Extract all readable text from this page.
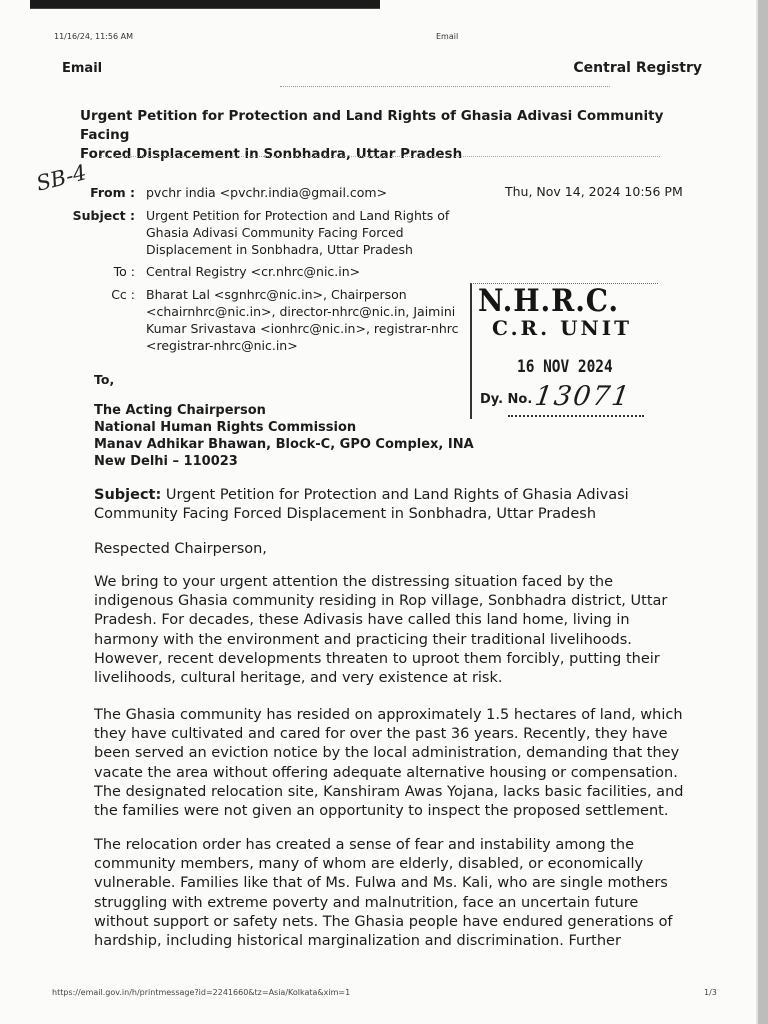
11/16/24, 11:56 AM	Email
Email	Central Registry
Urgent Petition for Protection and Land Rights of Ghasia Adivasi Community Facing
Forced Displacement in Sonbhadra, Uttar Pradesh
SB-4 From : pvchr india <pvchr.india@gmail.com>
Subject : Urgent Petition for Protection and Land Rights of
Ghasia Adivasi Community Facing Forced
Displacement in Sonbhadra, Uttar Pradesh
To : Central Registry <cr.nhrc@nic.in>
Cc : Bharat Lal <sgnhrc@nic.in>, Chairperson
<chairnhrc@nic.in>, director-nhrc@nic.in, Jaimini
Kumar Srivastava <ionhrc@nic.in>, registrar-nhrc
<registrar-nhrc@nic.in>
Thu, Nov 14, 2024 10:56 PM
N.H.R.C.
C.R. UNIT
16 NOV 2024
Dy. No. 13071
To,
The Acting Chairperson
National Human Rights Commission
Manav Adhikar Bhawan, Block-C, GPO Complex, INA
New Delhi – 110023
Subject: Urgent Petition for Protection and Land Rights of Ghasia Adivasi
Community Facing Forced Displacement in Sonbhadra, Uttar Pradesh
Respected Chairperson,
We bring to your urgent attention the distressing situation faced by the
indigenous Ghasia community residing in Rop village, Sonbhadra district, Uttar
Pradesh. For decades, these Adivasis have called this land home, living in
harmony with the environment and practicing their traditional livelihoods.
However, recent developments threaten to uproot them forcibly, putting their
livelihoods, cultural heritage, and very existence at risk.
The Ghasia community has resided on approximately 1.5 hectares of land, which
they have cultivated and cared for over the past 36 years. Recently, they have
been served an eviction notice by the local administration, demanding that they
vacate the area without offering adequate alternative housing or compensation.
The designated relocation site, Kanshiram Awas Yojana, lacks basic facilities, and
the families were not given an opportunity to inspect the proposed settlement.
The relocation order has created a sense of fear and instability among the
community members, many of whom are elderly, disabled, or economically
vulnerable. Families like that of Ms. Fulwa and Ms. Kali, who are single mothers
struggling with extreme poverty and malnutrition, face an uncertain future
without support or safety nets. The Ghasia people have endured generations of
hardship, including historical marginalization and discrimination. Further
https://email.gov.in/h/printmessage?id=2241660&tz=Asia/Kolkata&xim=1	1/3
